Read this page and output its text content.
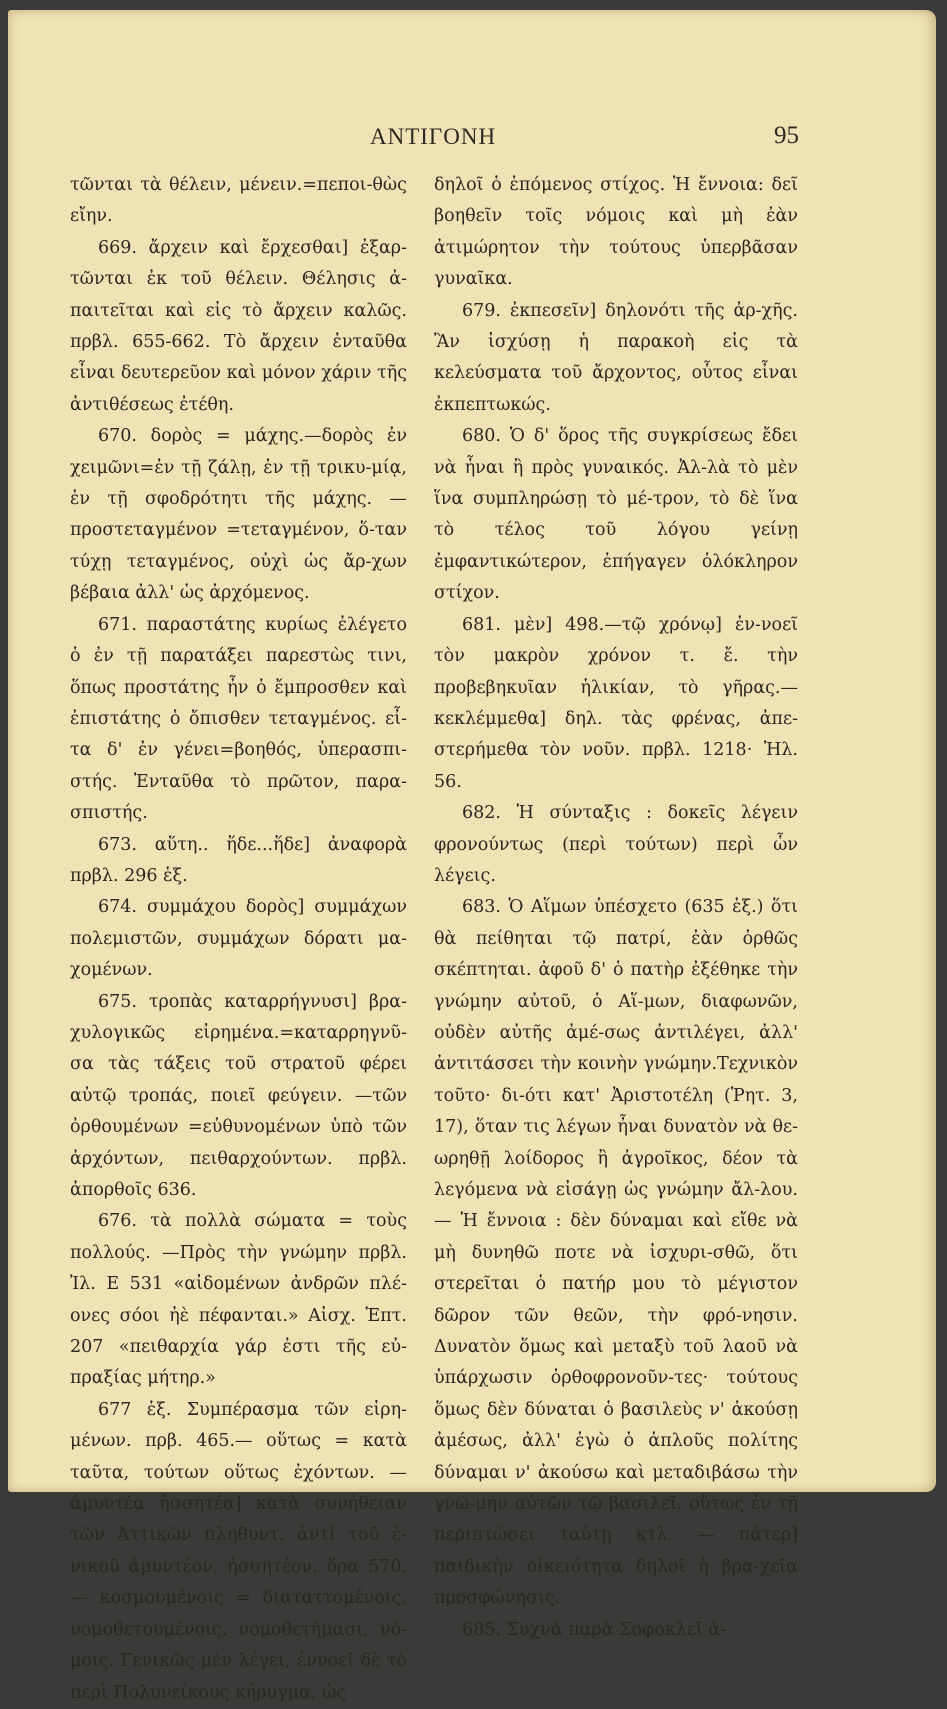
ΑΝΤΙΓΟΝΗ	95

τῶνται τὰ θέλειν, μένειν.=πεποι-θὼς εἴην.

669. ἄρχειν καὶ ἔρχεσθαι] ἐξαρ-τῶνται ἐκ τοῦ θέλειν. Θέλησις ἀ-παιτεῖται καὶ εἰς τὸ ἄρχειν καλῶς. πρβλ. 655-662. Τὸ ἄρχειν ἐνταῦθα εἶναι δευτερεῦον καὶ μόνον χάριν τῆς ἀντιθέσεως ἐτέθη.

670. δορὸς = μάχης.—δορὸς ἐν χειμῶνι=ἐν τῇ ζάλῃ, ἐν τῇ τρικυ-μίᾳ, ἐν τῇ σφοδρότητι τῆς μάχης. —προστεταγμένον =τεταγμένον, ὅ-ταν τύχῃ τεταγμένος, οὐχὶ ὡς ἄρ-χων βέβαια ἀλλ' ὡς ἀρχόμενος.

671. παραστάτης κυρίως ἐλέγετο ὁ ἐν τῇ παρατάξει παρεστὼς τινι, ὅπως προστάτης ἦν ὁ ἔμπροσθεν καὶ ἐπιστάτης ὁ ὄπισθεν τεταγμένος. εἶ-τα δ' ἐν γένει=βοηθός, ὑπερασπι-στής. Ἐνταῦθα τὸ πρῶτον, παρα-σπιστής.

673. αὕτη.. ἥδε...ἥδε] ἀναφορὰ πρβλ. 296 ἑξ.

674. συμμάχου δορὸς] συμμάχων πολεμιστῶν, συμμάχων δόρατι μα-χομένων.

675. τροπὰς καταρρήγνυσι] βρα-χυλογικῶς εἰρημένα.=καταρρηγνῦ-σα τὰς τάξεις τοῦ στρατοῦ φέρει αὐτῷ τροπάς, ποιεῖ φεύγειν. —τῶν ὀρθουμένων =εὐθυνομένων ὑπὸ τῶν ἀρχόντων, πειθαρχούντων. πρβλ. ἀπορθοῖς 636.

676. τὰ πολλὰ σώματα = τοὺς πολλούς. —Πρὸς τὴν γνώμην πρβλ. Ἰλ. Ε 531 «αἰδομένων ἀνδρῶν πλέ-ονες σόοι ἠὲ πέφανται.» Αἰσχ. Ἑπτ. 207 «πειθαρχία γάρ ἐστι τῆς εὐ-πραξίας μήτηρ.»

677 ἑξ. Συμπέρασμα τῶν εἰρη-μένων. πρβ. 465.— οὕτως = κατὰ ταῦτα, τούτων οὕτως ἐχόντων. — ἀμυντέα ἡσσητέα] κατὰ συνήθειαν τῶν Ἀττικῶν πληθυντ. ἀντὶ τοῦ ἑ-νικοῦ ἀμυντέον, ἡσσητέον. ὅρα 570. — κοσμουμένοις = διαταττομένοις, νομοθετουμένοις, νομοθετήμασι, νό-μοις. Γενικῶς μὲν λέγει, ἐννοεῖ δὲ τὸ περὶ Πολυνείκους κήρυγμα, ὡς

δηλοῖ ὁ ἑπόμενος στίχος. Ἡ ἔννοια: δεῖ βοηθεῖν τοῖς νόμοις καὶ μὴ ἐὰν ἀτιμώρητον τὴν τούτους ὑπερβᾶσαν γυναῖκα.

679. ἐκπεσεῖν] δηλονότι τῆς ἀρ-χῆς. Ἂν ἰσχύσῃ ἡ παρακοὴ εἰς τὰ κελεύσματα τοῦ ἄρχοντος, οὗτος εἶναι ἐκπεπτωκώς.

680. Ὁ δ' ὅρος τῆς συγκρίσεως ἔδει νὰ ἦναι ἢ πρὸς γυναικός. Ἀλ-λὰ τὸ μὲν ἵνα συμπληρώσῃ τὸ μέ-τρον, τὸ δὲ ἵνα τὸ τέλος τοῦ λόγου γείνῃ ἐμφαντικώτερον, ἐπήγαγεν ὁλόκληρον στίχον.

681. μὲν] 498.—τῷ χρόνῳ] ἐν-νοεῖ τὸν μακρὸν χρόνον τ. ἔ. τὴν προβεβηκυῖαν ἡλικίαν, τὸ γῆρας.— κεκλέμμεθα] δηλ. τὰς φρένας, ἀπε-στερήμεθα τὸν νοῦν. πρβλ. 1218· Ἠλ. 56.

682. Ἡ σύνταξις : δοκεῖς λέγειν φρονούντως (περὶ τούτων) περὶ ὧν λέγεις.

683. Ὁ Αἵμων ὑπέσχετο (635 ἑξ.) ὅτι θὰ πείθηται τῷ πατρί, ἐὰν ὀρθῶς σκέπτηται. ἀφοῦ δ' ὁ πατὴρ ἐξέθηκε τὴν γνώμην αὐτοῦ, ὁ Αἵ-μων, διαφωνῶν, οὐδὲν αὐτῆς ἀμέ-σως ἀντιλέγει, ἀλλ' ἀντιτάσσει τὴν κοινὴν γνώμην.Τεχνικὸν τοῦτο· δι-ότι κατ' Ἀριστοτέλη (Ῥητ. 3, 17), ὅταν τις λέγων ἦναι δυνατὸν νὰ θε-ωρηθῇ λοίδορος ἢ ἀγροῖκος, δέον τὰ λεγόμενα νὰ εἰσάγῃ ὡς γνώμην ἄλ-λου.— Ἡ ἔννοια : δὲν δύναμαι καὶ εἴθε νὰ μὴ δυνηθῶ ποτε νὰ ἰσχυρι-σθῶ, ὅτι στερεῖται ὁ πατήρ μου τὸ μέγιστον δῶρον τῶν θεῶν, τὴν φρό-νησιν. Δυνατὸν ὅμως καὶ μεταξὺ τοῦ λαοῦ νὰ ὑπάρχωσιν ὀρθοφρονοῦν-τες· τούτους ὅμως δὲν δύναται ὁ βασιλεὺς ν' ἀκούσῃ ἀμέσως, ἀλλ' ἐγὼ ὁ ἁπλοῦς πολίτης δύναμαι ν' ἀκούσω καὶ μεταδιβάσω τὴν γνώ-μην αὐτῶν τῷ βασιλεῖ. οὕτως ἐν τῇ περιπτώσει ταύτῃ κτλ. — πάτερ] παιδικὴν οἰκειότητα δηλοῖ ἡ βρα-χεῖα προσφώνησις.

685. Συχνὰ παρὰ Σοφοκλεῖ ἁ-
